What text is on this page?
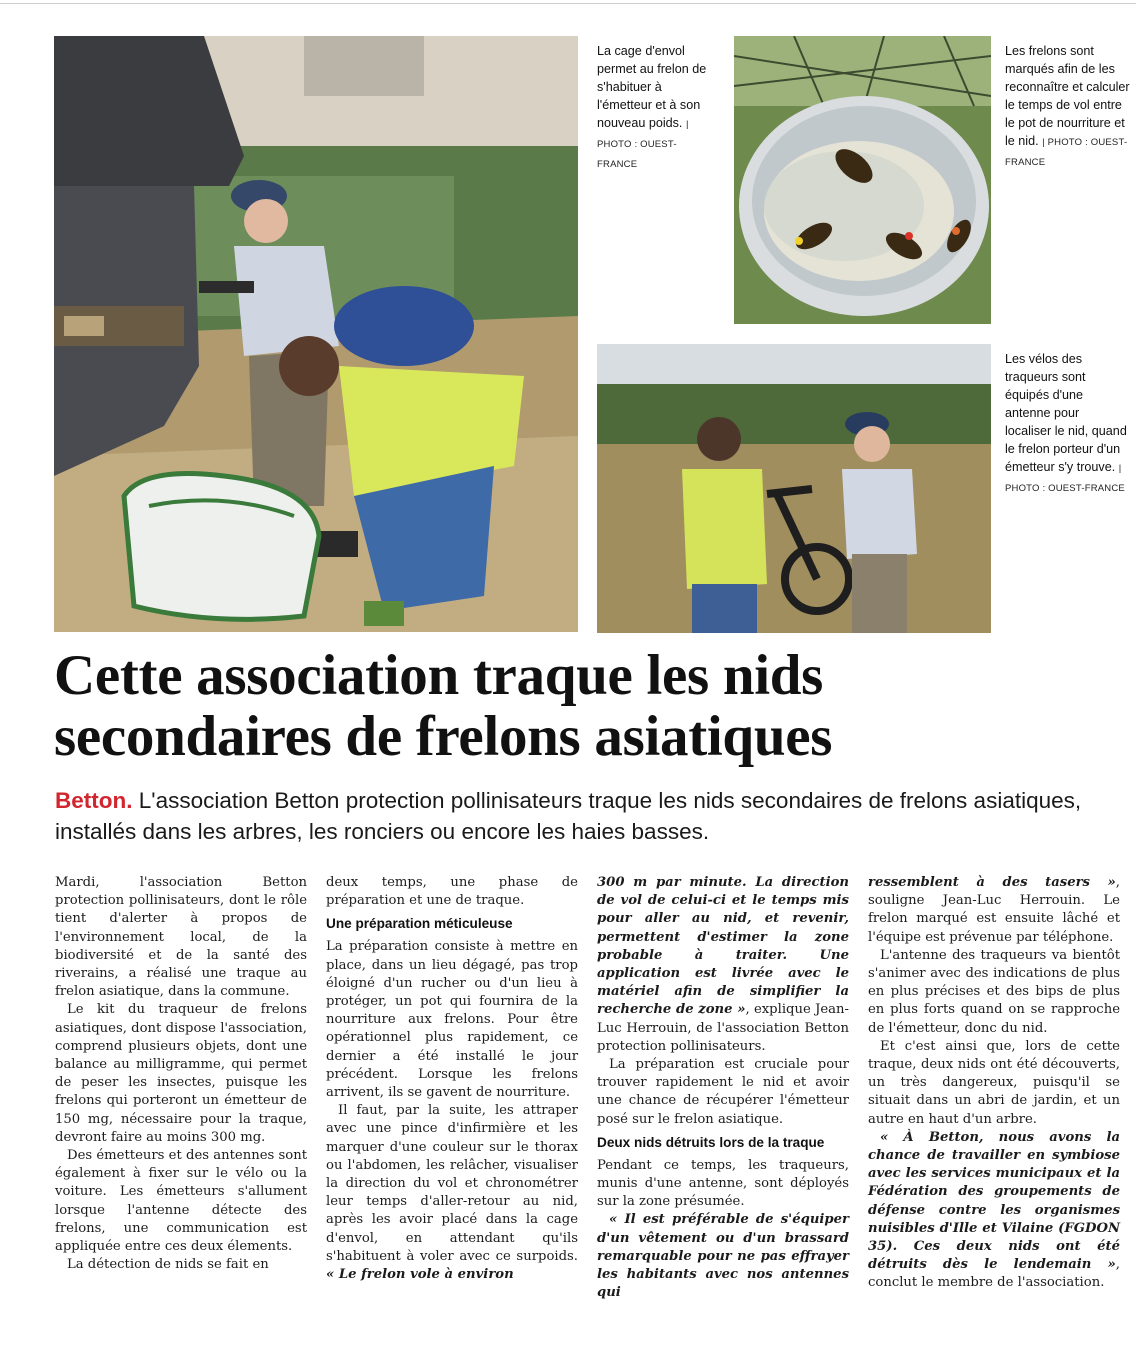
La cage d'envol permet au frelon de s'habituer à l'émetteur et à son nouveau poids. | PHOTO : OUEST-FRANCE
Les frelons sont marqués afin de les reconnaître et calculer le temps de vol entre le pot de nourriture et le nid. | PHOTO : OUEST-FRANCE
Les vélos des traqueurs sont équipés d'une antenne pour localiser le nid, quand le frelon porteur d'un émetteur s'y trouve. | PHOTO : OUEST-FRANCE
Cette association traque les nids secondaires de frelons asiatiques
Betton. L'association Betton protection pollinisateurs traque les nids secondaires de frelons asiatiques, installés dans les arbres, les ronciers ou encore les haies basses.

Mardi, l'association Betton protection pollinisateurs, dont le rôle tient d'alerter à propos de l'environnement local, de la biodiversité et de la santé des riverains, a réalisé une traque au frelon asiatique, dans la commune.

Le kit du traqueur de frelons asiatiques, dont dispose l'association, comprend plusieurs objets, dont une balance au milligramme, qui permet de peser les insectes, puisque les frelons qui porteront un émetteur de 150 mg, nécessaire pour la traque, devront faire au moins 300 mg.

Des émetteurs et des antennes sont également à fixer sur le vélo ou la voiture. Les émetteurs s'allument lorsque l'antenne détecte des frelons, une communication est appliquée entre ces deux élements.

La détection de nids se fait en

deux temps, une phase de préparation et une de traque.

Une préparation méticuleuse

La préparation consiste à mettre en place, dans un lieu dégagé, pas trop éloigné d'un rucher ou d'un lieu à protéger, un pot qui fournira de la nourriture aux frelons. Pour être opérationnel plus rapidement, ce dernier a été installé le jour précédent. Lorsque les frelons arrivent, ils se gavent de nourriture.

Il faut, par la suite, les attraper avec une pince d'infirmière et les marquer d'une couleur sur le thorax ou l'abdomen, les relâcher, visualiser la direction du vol et chronométrer leur temps d'aller-retour au nid, après les avoir placé dans la cage d'envol, en attendant qu'ils s'habituent à voler avec ce surpoids. « Le frelon vole à environ

300 m par minute. La direction de vol de celui-ci et le temps mis pour aller au nid, et revenir, permettent d'estimer la zone probable à traiter. Une application est livrée avec le matériel afin de simplifier la recherche de zone », explique Jean-Luc Herrouin, de l'association Betton protection pollinisateurs.

La préparation est cruciale pour trouver rapidement le nid et avoir une chance de récupérer l'émetteur posé sur le frelon asiatique.

Deux nids détruits lors de la traque

Pendant ce temps, les traqueurs, munis d'une antenne, sont déployés sur la zone présumée.

« Il est préférable de s'équiper d'un vêtement ou d'un brassard remarquable pour ne pas effrayer les habitants avec nos antennes qui

ressemblent à des tasers », souligne Jean-Luc Herrouin. Le frelon marqué est ensuite lâché et l'équipe est prévenue par téléphone.

L'antenne des traqueurs va bientôt s'animer avec des indications de plus en plus précises et des bips de plus en plus forts quand on se rapproche de l'émetteur, donc du nid.

Et c'est ainsi que, lors de cette traque, deux nids ont été découverts, un très dangereux, puisqu'il se situait dans un abri de jardin, et un autre en haut d'un arbre.

« À Betton, nous avons la chance de travailler en symbiose avec les services municipaux et la Fédération des groupements de défense contre les organismes nuisibles d'Ille et Vilaine (FGDON 35). Ces deux nids ont été détruits dès le lendemain », conclut le membre de l'association.
